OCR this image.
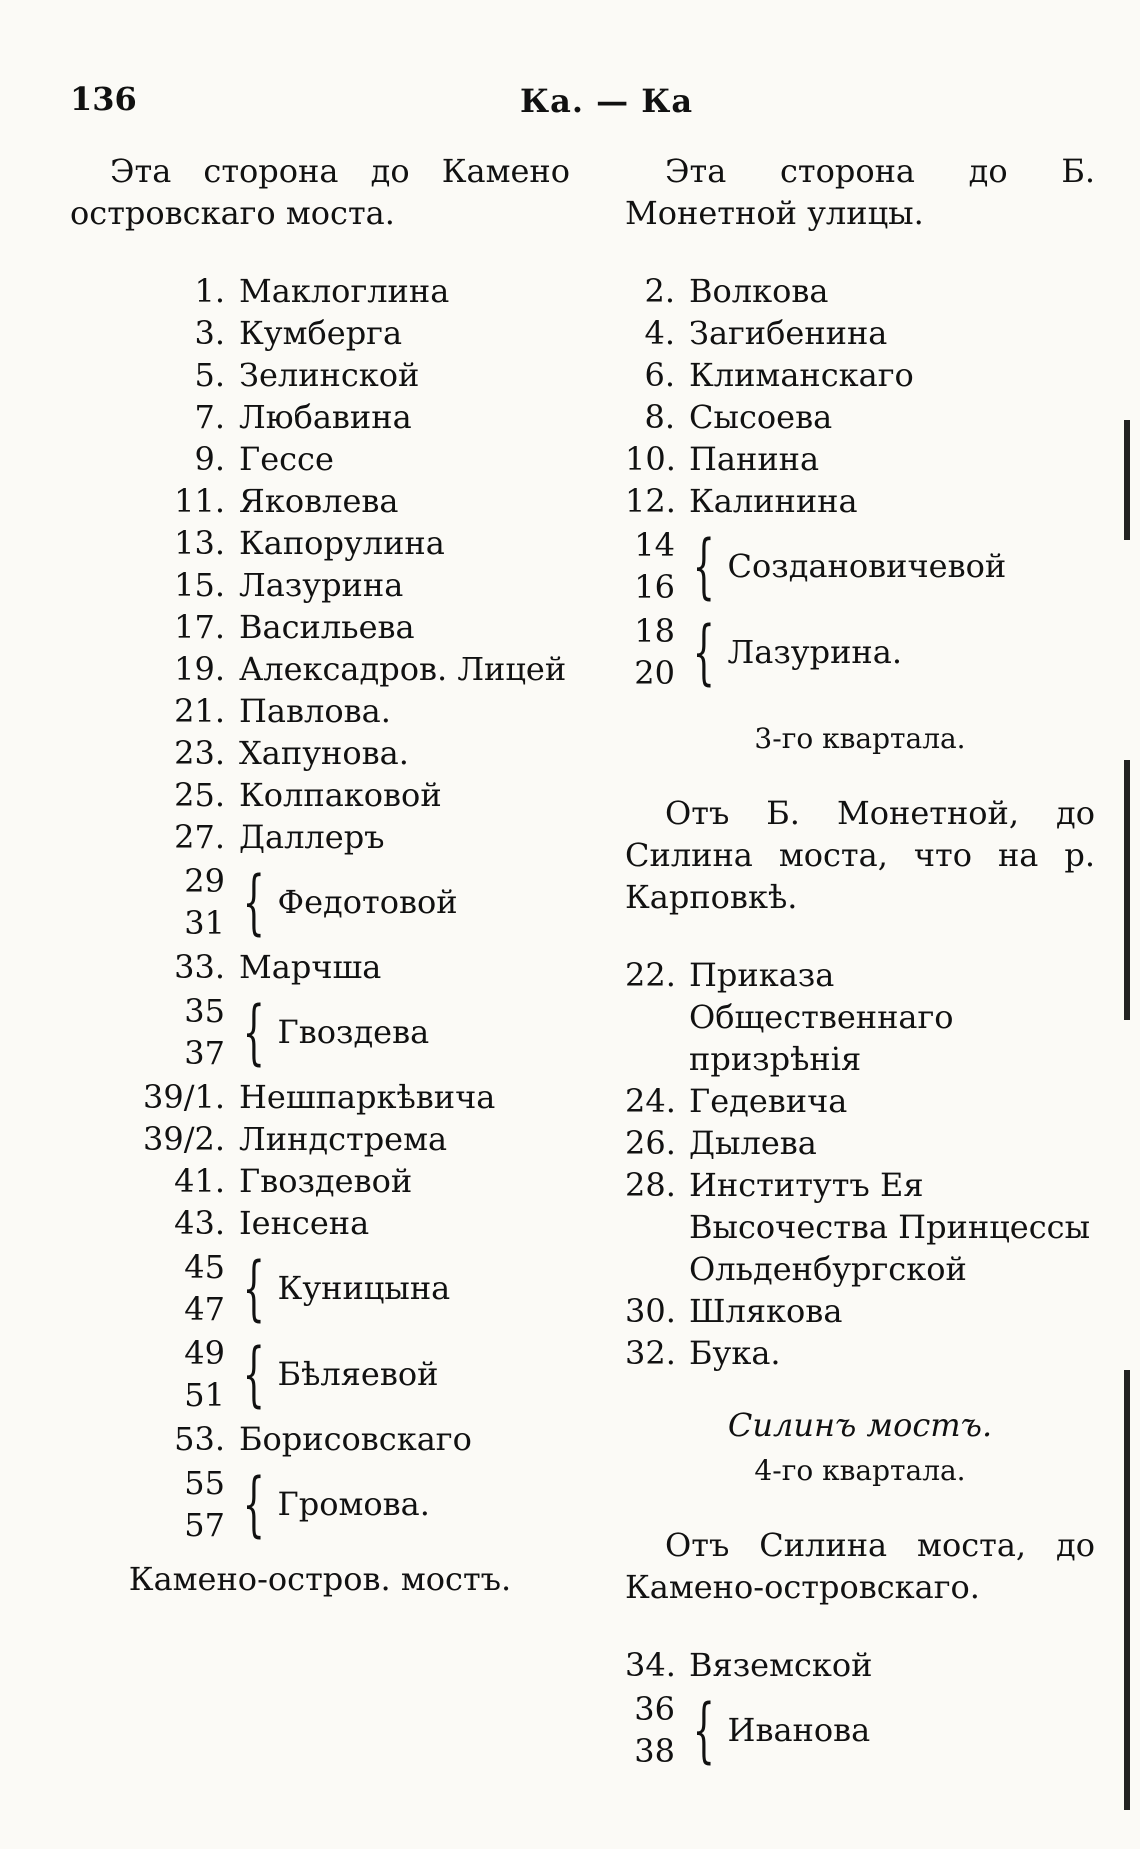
136	Ка. — Ка

Эта сторона до Камено островскаго моста.

1. Маклоглина
3. Кумберга
5. Зелинской
7. Любавина
9. Гессе
11. Яковлева
13. Капорулина
15. Лазурина
17. Васильева
19. Алексадров. Лицей
21. Павлова.
23. Хапунова.
25. Колпаковой
27. Даллеръ
29
31 { Федотовой
33. Марчша
35
37 { Гвоздева
39/1. Нешпаркѣвича
39/2. Линдстрема
41. Гвоздевой
43. Іенсена
45
47 { Куницына
49
51 { Бѣляевой
53. Борисовскаго
55
57 { Громова.
Камено-остров. мостъ.

Эта сторона до Б. Монетной улицы.

2. Волкова
4. Загибенина
6. Климанскаго
8. Сысоева
10. Панина
12. Калинина
14
16 { Создановичевой
18
20 { Лазурина.
3-го квартала.

Отъ Б. Монетной, до Силина моста, что на р. Карповкѣ.

22. Приказа Общественнаго призрѣнія
24. Гедевича
26. Дылева
28. Институтъ Ея Высочества Принцессы Ольденбургской
30. Шлякова
32. Бука.
Силинъ мостъ.
4-го квартала.

Отъ Силина моста, до Камено-островскаго.

34. Вяземской
36
38 { Иванова
